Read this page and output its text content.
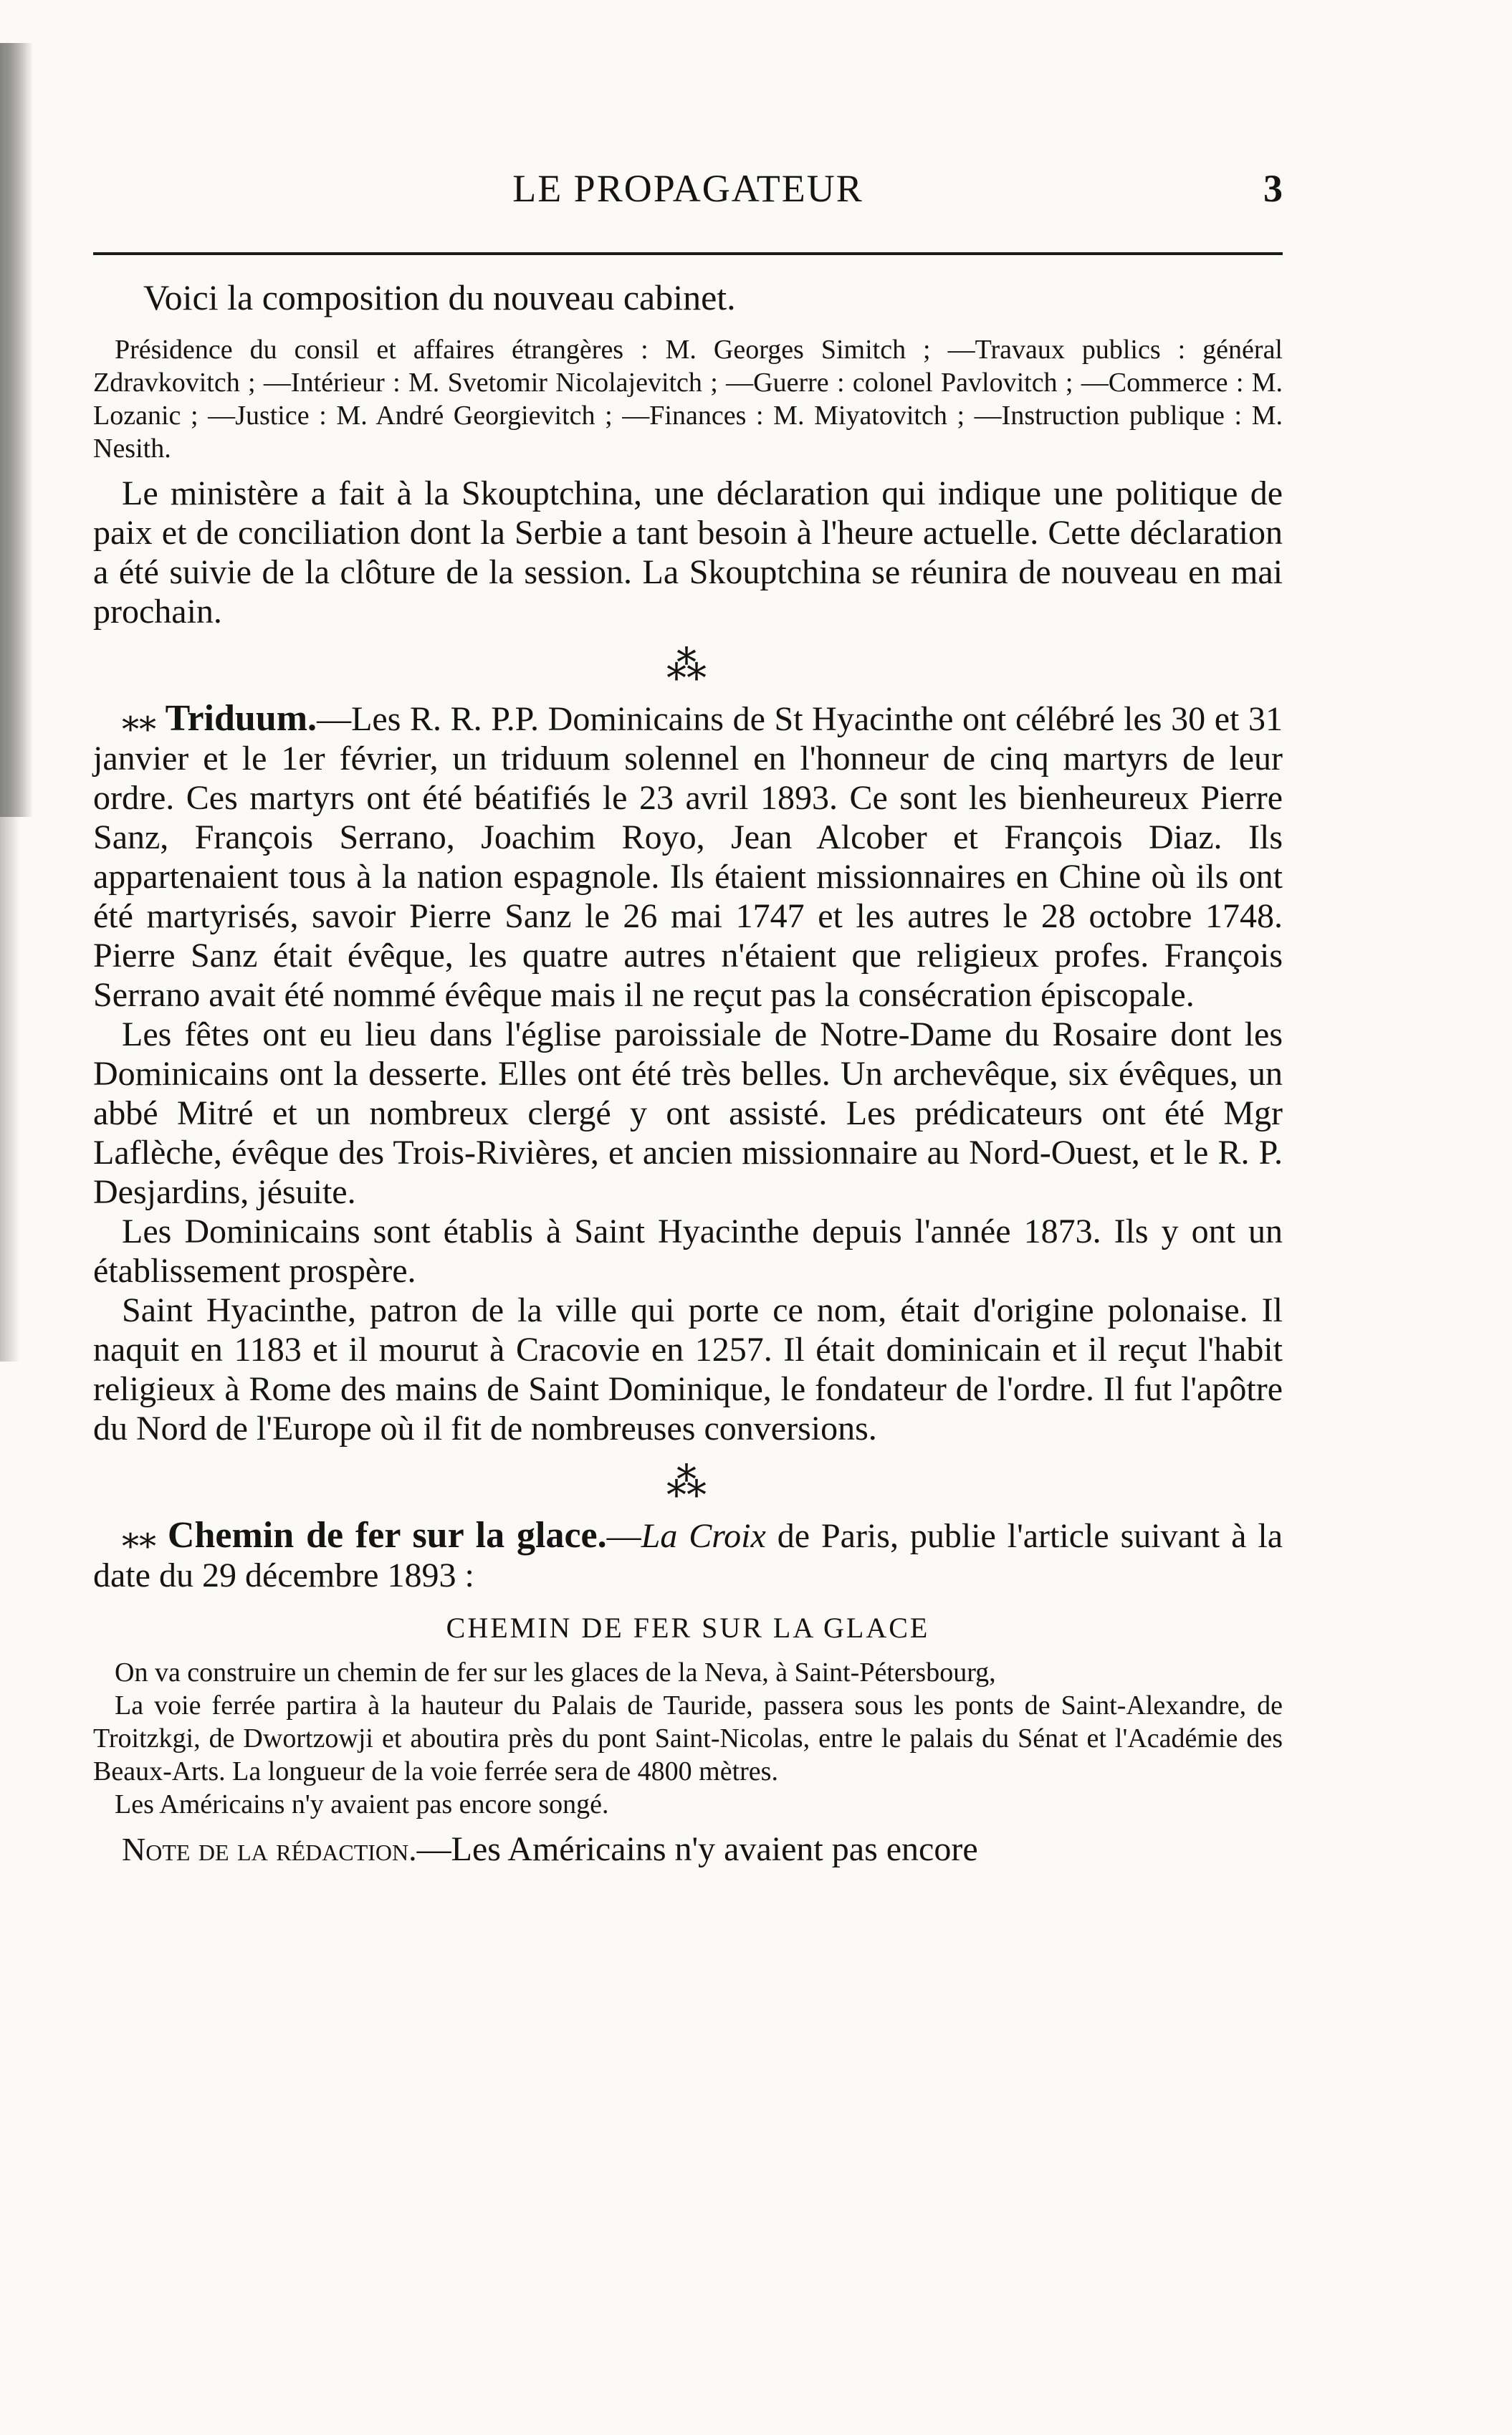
LE PROPAGATEUR	3

Voici la composition du nouveau cabinet.

Présidence du consil et affaires étrangères : M. Georges Simitch ; —Travaux publics : général Zdravkovitch ; —Intérieur : M. Svetomir Nicolajevitch ; —Guerre : colonel Pavlovitch ; —Commerce : M. Lozanic ; —Justice : M. André Georgievitch ; —Finances : M. Miyatovitch ; —Instruction publique : M. Nesith.

Le ministère a fait à la Skouptchina, une déclaration qui indique une politique de paix et de conciliation dont la Serbie a tant besoin à l'heure actuelle. Cette déclaration a été suivie de la clôture de la session. La Skouptchina se réunira de nouveau en mai prochain.

⁂

⁎⁎ Triduum.—Les R. R. P.P. Dominicains de St Hyacinthe ont célébré les 30 et 31 janvier et le 1er février, un triduum solennel en l'honneur de cinq martyrs de leur ordre. Ces martyrs ont été béatifiés le 23 avril 1893. Ce sont les bienheureux Pierre Sanz, François Serrano, Joachim Royo, Jean Alcober et François Diaz. Ils appartenaient tous à la nation espagnole. Ils étaient missionnaires en Chine où ils ont été martyrisés, savoir Pierre Sanz le 26 mai 1747 et les autres le 28 octobre 1748. Pierre Sanz était évêque, les quatre autres n'étaient que religieux profes. François Serrano avait été nommé évêque mais il ne reçut pas la consécration épiscopale.

Les fêtes ont eu lieu dans l'église paroissiale de Notre-Dame du Rosaire dont les Dominicains ont la desserte. Elles ont été très belles. Un archevêque, six évêques, un abbé Mitré et un nombreux clergé y ont assisté. Les prédicateurs ont été Mgr Laflèche, évêque des Trois-Rivières, et ancien missionnaire au Nord-Ouest, et le R. P. Desjardins, jésuite.

Les Dominicains sont établis à Saint Hyacinthe depuis l'année 1873. Ils y ont un établissement prospère.

Saint Hyacinthe, patron de la ville qui porte ce nom, était d'origine polonaise. Il naquit en 1183 et il mourut à Cracovie en 1257. Il était dominicain et il reçut l'habit religieux à Rome des mains de Saint Dominique, le fondateur de l'ordre. Il fut l'apôtre du Nord de l'Europe où il fit de nombreuses conversions.

⁂

⁎⁎ Chemin de fer sur la glace.—La Croix de Paris, publie l'article suivant à la date du 29 décembre 1893 :

CHEMIN DE FER SUR LA GLACE

On va construire un chemin de fer sur les glaces de la Neva, à Saint-Pétersbourg,

La voie ferrée partira à la hauteur du Palais de Tauride, passera sous les ponts de Saint-Alexandre, de Troitzkgi, de Dwortzowji et aboutira près du pont Saint-Nicolas, entre le palais du Sénat et l'Académie des Beaux-Arts. La longueur de la voie ferrée sera de 4800 mètres.

Les Américains n'y avaient pas encore songé.

Note de la rédaction.—Les Américains n'y avaient pas encore
